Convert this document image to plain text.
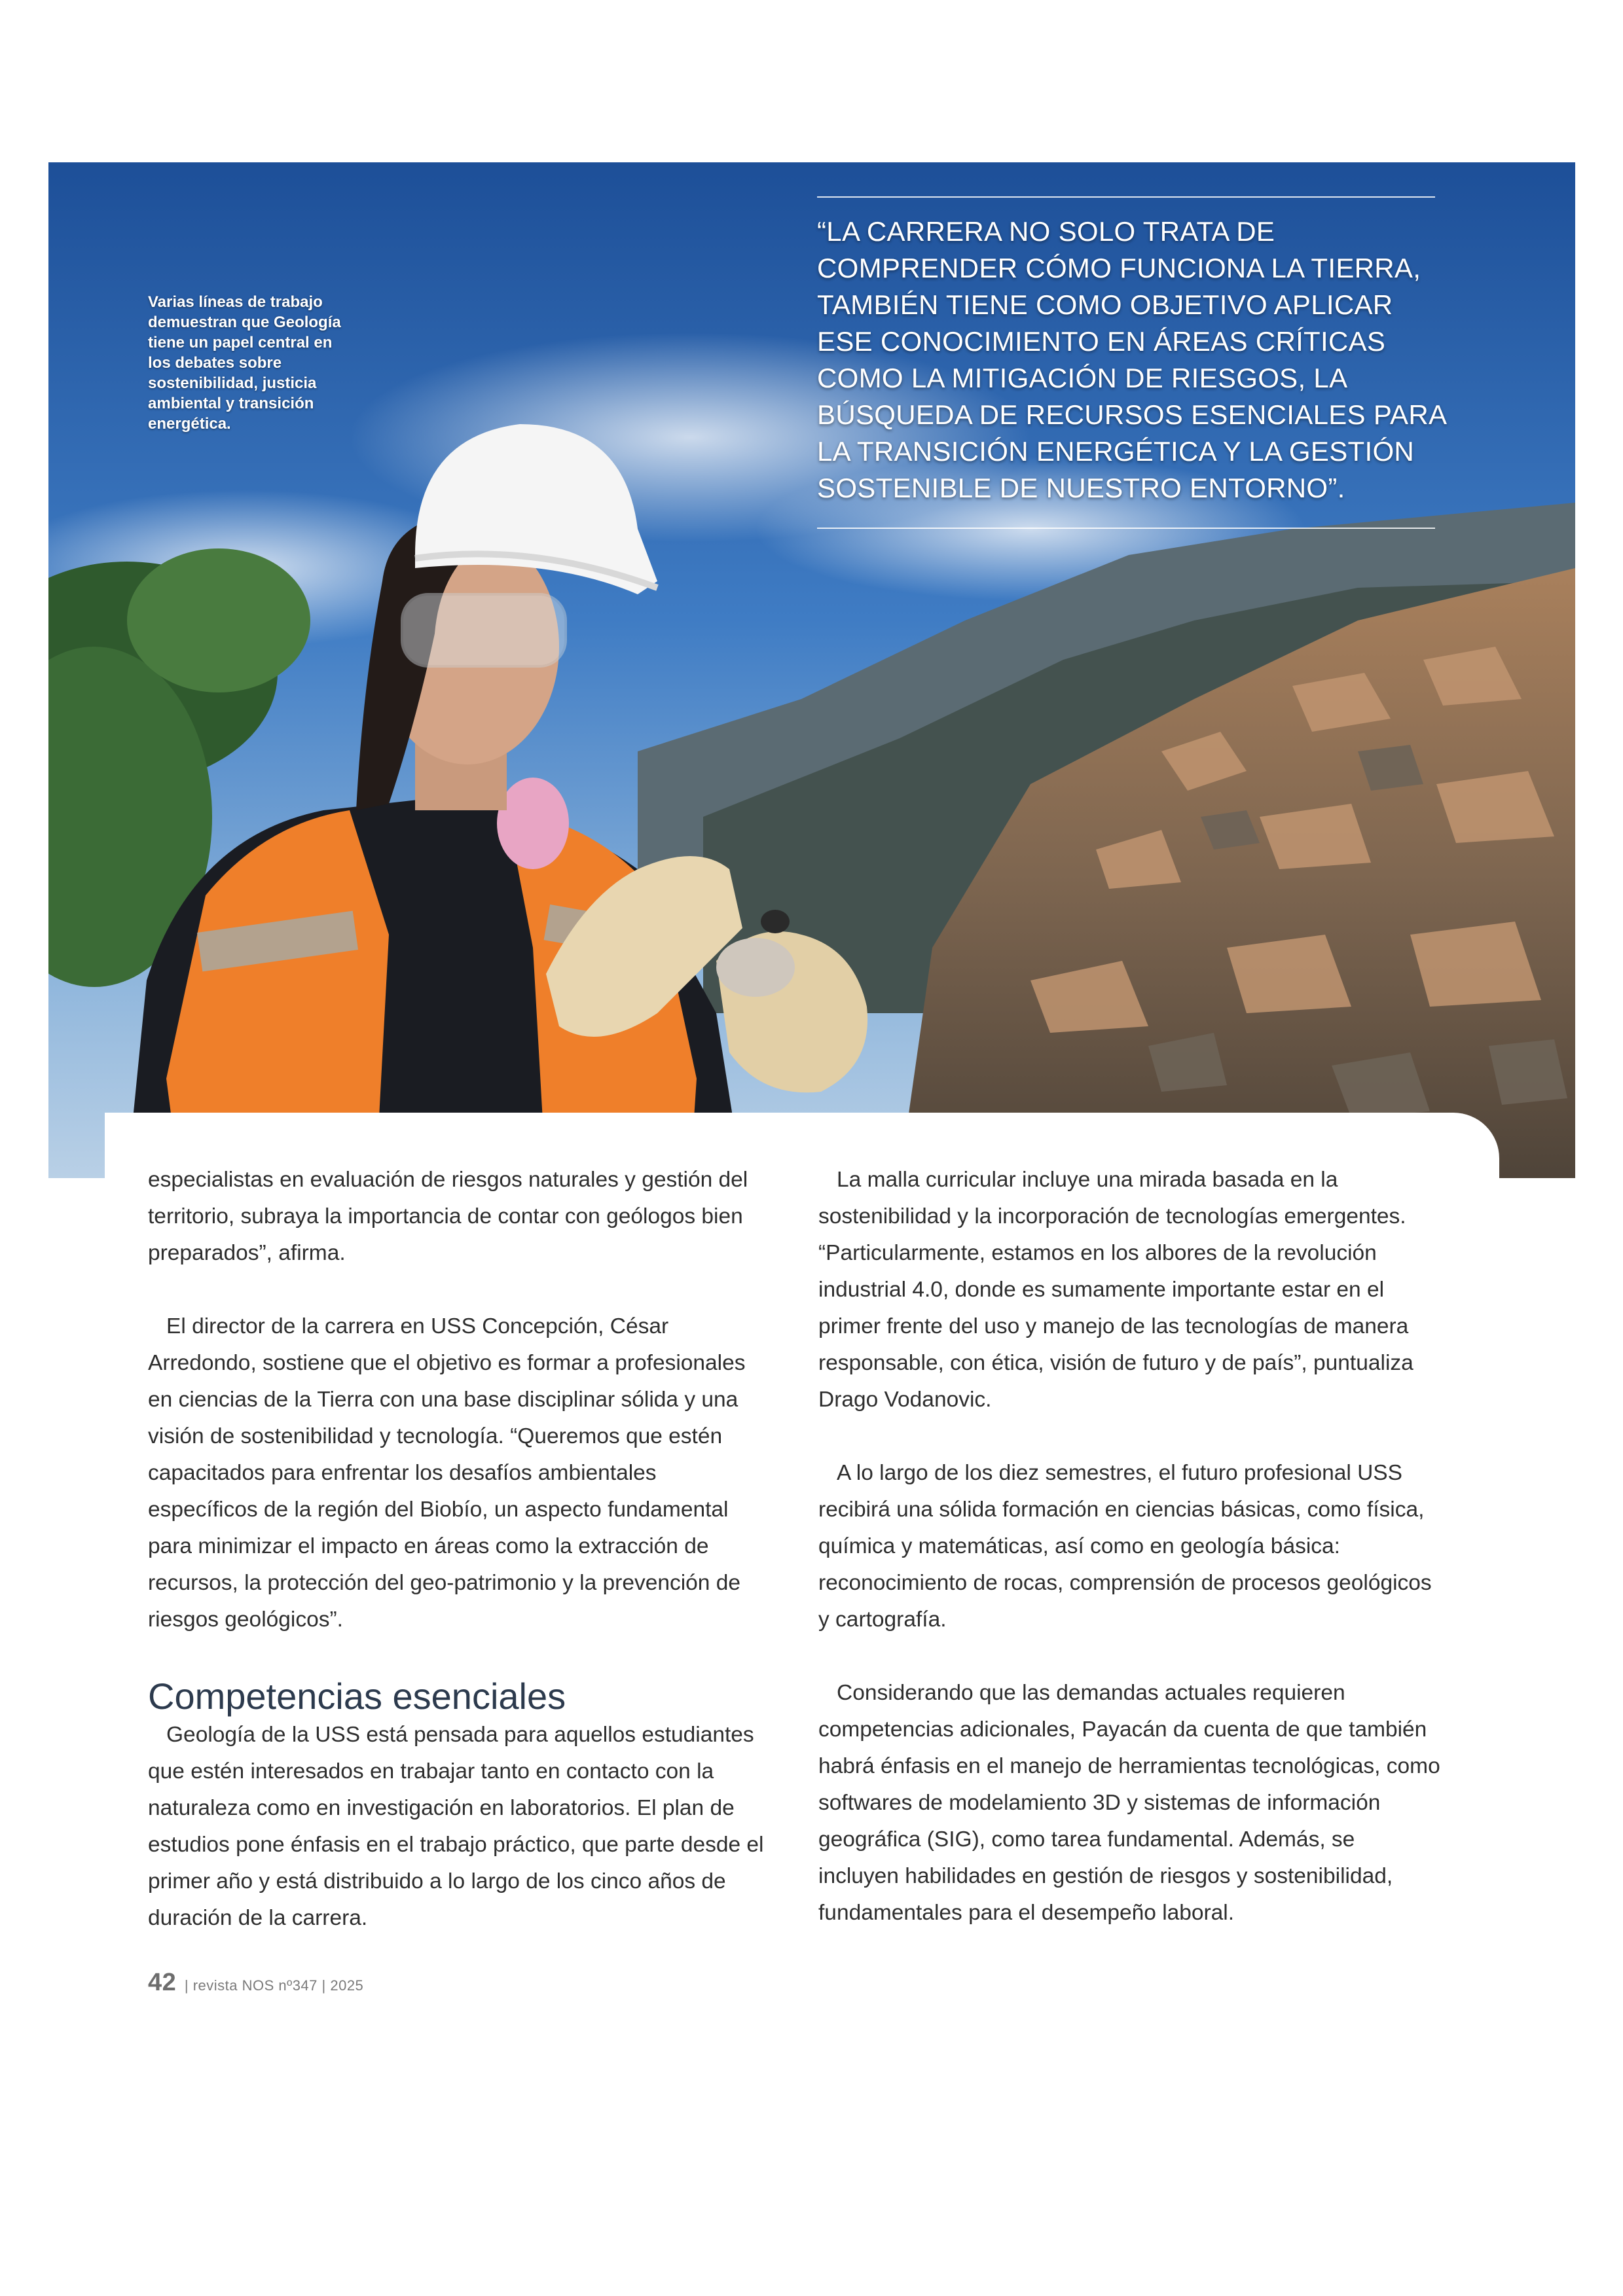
Varias líneas de trabajo demuestran que Geología tiene un papel central en los debates sobre sostenibilidad, justicia ambiental y transición energética.

“LA CARRERA NO SOLO TRATA DE COMPRENDER CÓMO FUNCIONA LA TIERRA, TAMBIÉN TIENE COMO OBJETIVO APLICAR ESE CONOCIMIENTO EN ÁREAS CRÍTICAS COMO LA MITIGACIÓN DE RIESGOS, LA BÚSQUEDA DE RECURSOS ESENCIALES PARA LA TRANSICIÓN ENERGÉTICA Y LA GESTIÓN SOSTENIBLE DE NUESTRO ENTORNO”.

especialistas en evaluación de riesgos naturales y gestión del territorio, subraya la importancia de contar con geólogos bien preparados”, afirma.

El director de la carrera en USS Concepción, César Arredondo, sostiene que el objetivo es formar a profesionales en ciencias de la Tierra con una base disciplinar sólida y una visión de sostenibilidad y tecnología. “Queremos que estén capacitados para enfrentar los desafíos ambientales específicos de la región del Biobío, un aspecto fundamental para minimizar el impacto en áreas como la extracción de recursos, la protección del geo-patrimonio y la prevención de riesgos geológicos”.

Competencias esenciales

Geología de la USS está pensada para aquellos estudiantes que estén interesados en trabajar tanto en contacto con la naturaleza como en investigación en laboratorios. El plan de estudios pone énfasis en el trabajo práctico, que parte desde el primer año y está distribuido a lo largo de los cinco años de duración de la carrera.

La malla curricular incluye una mirada basada en la sostenibilidad y la incorporación de tecnologías emergentes. “Particularmente, estamos en los albores de la revolución industrial 4.0, donde es sumamente importante estar en el primer frente del uso y manejo de las tecnologías de manera responsable, con ética, visión de futuro y de país”, puntualiza Drago Vodanovic.

A lo largo de los diez semestres, el futuro profesional USS recibirá una sólida formación en ciencias básicas, como física, química y matemáticas, así como en geología básica: reconocimiento de rocas, comprensión de procesos geológicos y cartografía.

Considerando que las demandas actuales requieren competencias adicionales, Payacán da cuenta de que también habrá énfasis en el manejo de herramientas tecnológicas, como softwares de modelamiento 3D y sistemas de información geográfica (SIG), como tarea fundamental. Además, se incluyen habilidades en gestión de riesgos y sostenibilidad, fundamentales para el desempeño laboral.

42 | revista NOS nº347 | 2025
